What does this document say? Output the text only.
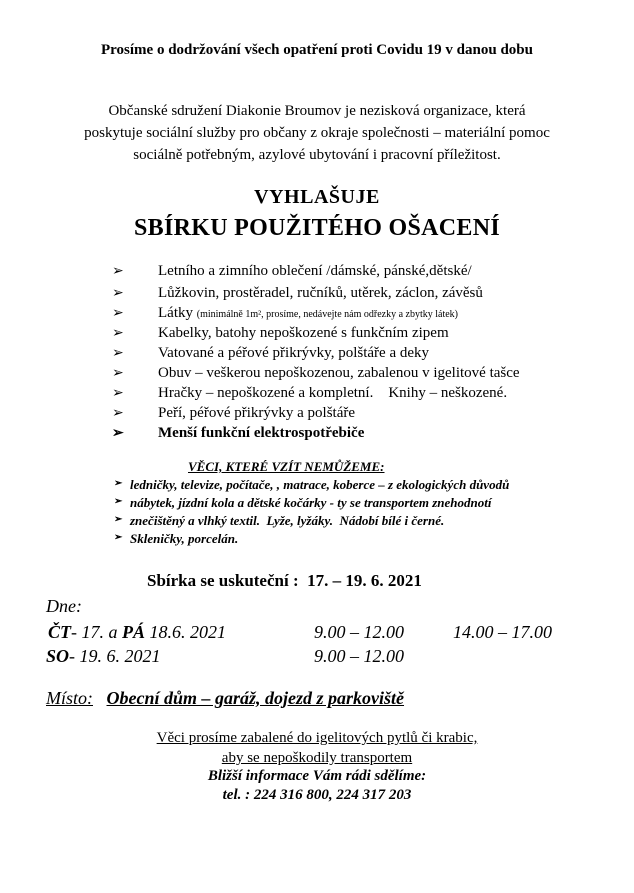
Prosíme o dodržování všech opatření proti Covidu 19 v danou dobu
Občanské sdružení Diakonie Broumov je nezisková organizace, která
poskytuje sociální služby pro občany z okraje společnosti – materiální pomoc
sociálně potřebným, azylové ubytování i pracovní příležitost.
VYHLAŠUJE
SBÍRKU POUŽITÉHO OŠACENÍ
➢ Letního a zimního oblečení /dámské, pánské,dětské/
➢ Lůžkovin, prostěradel, ručníků, utěrek, záclon, závěsů
➢ Látky (minimálně 1m², prosíme, nedávejte nám odřezky a zbytky látek)
➢ Kabelky, batohy nepoškozené s funkčním zipem
➢ Vatované a péřové přikrývky, polštáře a deky
➢ Obuv – veškerou nepoškozenou, zabalenou v igelitové tašce
➢ Hračky – nepoškozené a kompletní.    Knihy – neškozené.
➢ Peří, péřové přikrývky a polštáře
➢ Menší funkční elektrospotřebiče
VĚCI, KTERÉ VZÍT NEMŮŽEME:
➢ ledničky, televize, počítače, , matrace, koberce – z ekologických důvodů
➢ nábytek, jízdní kola a dětské kočárky - ty se transportem znehodnotí
➢ znečištěný a vlhký textil.  Lyže, lyžáky.  Nádobí bílé i černé.
➢ Skleničky, porcelán.
Sbírka se uskuteční :  17. – 19. 6. 2021
Dne:
ČT- 17. a PÁ 18.6. 2021	9.00 – 12.00	14.00 – 17.00
SO- 19. 6. 2021	9.00 – 12.00
Místo: Obecní dům – garáž, dojezd z parkoviště
Věci prosíme zabalené do igelitových pytlů či krabic,
aby se nepoškodily transportem
Bližší informace Vám rádi sdělíme:
tel. : 224 316 800, 224 317 203
